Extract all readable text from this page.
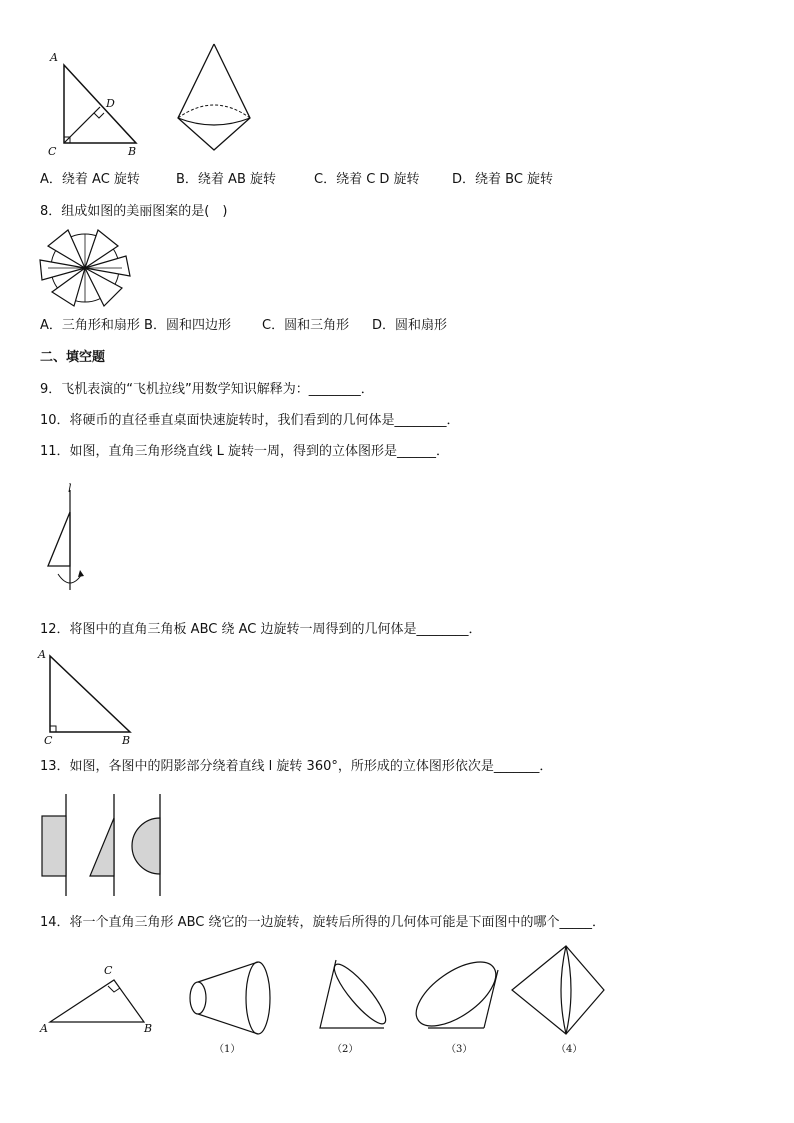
A
D
C	B
A．绕着 AC 旋转	B．绕着 AB 旋转	C．绕着 C D 旋转 D．绕着 BC 旋转
8．组成如图的美丽图案的是(　)
A．三角形和扇形 B．圆和四边形 C．圆和三角形 D．圆和扇形
二、填空题
9．飞机表演的“飞机拉线”用数学知识解释为：________．
10．将硬币的直径垂直桌面快速旋转时，我们看到的几何体是________．
11．如图，直角三角形绕直线 L 旋转一周，得到的立体图形是______．
l
12．将图中的直角三角板 ABC 绕 AC 边旋转一周得到的几何体是________．
A
C	B
13．如图，各图中的阴影部分绕着直线 l 旋转 360°，所形成的立体图形依次是_______．
14．将一个直角三角形 ABC 绕它的一边旋转，旋转后所得的几何体可能是下面图中的哪个_____．
C
A	B
（1）	（2）	（3）	（4）
